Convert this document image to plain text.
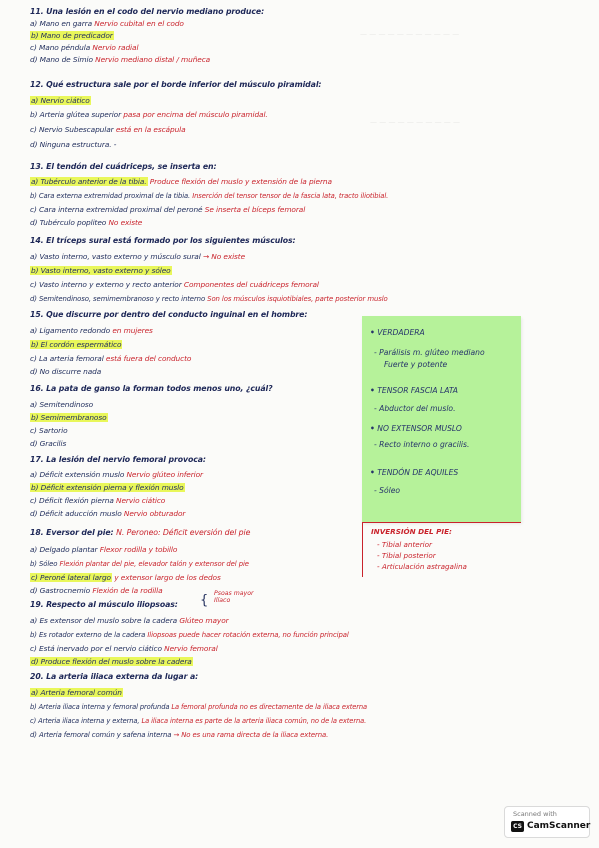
— — — — — — — — — — —
— — — — — — — — — —
11. Una lesión en el codo del nervio mediano produce:
a) Mano en garra Nervio cubital en el codo
b) Mano de predicador
c) Mano péndula Nervio radial
d) Mano de Simio Nervio mediano distal / muñeca
12. Qué estructura sale por el borde inferior del músculo piramidal:
a) Nervio ciático
b) Arteria glútea superior pasa por encima del músculo piramidal.
c) Nervio Subescapular está en la escápula
d) Ninguna estructura. -
13. El tendón del cuádriceps, se inserta en:
a) Tubérculo anterior de la tibia. Produce flexión del muslo y extensión de la pierna
b) Cara externa extremidad proximal de la tibia. Inserción del tensor tensor de la fascia lata, tracto iliotibial.
c) Cara interna extremidad proximal del peroné Se inserta el bíceps femoral
d) Tubérculo popliteo No existe
14. El tríceps sural está formado por los siguientes músculos:
a) Vasto interno, vasto externo y músculo sural → No existe
b) Vasto interno, vasto externo y sóleo
c) Vasto interno y externo y recto anterior Componentes del cuádriceps femoral
d) Semitendinoso, semimembranoso y recto interno Son los músculos isquiotibiales, parte posterior muslo
15. Que discurre por dentro del conducto inguinal en el hombre:
a) Ligamento redondo en mujeres
b) El cordón espermático
c) La arteria femoral está fuera del conducto
d) No discurre nada
16. La pata de ganso la forman todos menos uno, ¿cuál?
a) Semitendinoso
b) Semimembranoso
c) Sartorio
d) Gracilis
17. La lesión del nervio femoral provoca:
a) Déficit extensión muslo Nervio glúteo inferior
b) Déficit extensión pierna y flexión muslo
c) Déficit flexión pierna Nervio ciático
d) Déficit aducción muslo Nervio obturador
18. Eversor del pie: N. Peroneo: Déficit eversión del pie
a) Delgado plantar Flexor rodilla y tobillo
b) Sóleo Flexión plantar del pie, elevador talón y extensor del pie
c) Peroné lateral largo y extensor largo de los dedos
d) Gastrocnemio Flexión de la rodilla
19. Respecto al músculo iliopsoas: { Psoas mayor
Ilíaco
a) Es extensor del muslo sobre la cadera Glúteo mayor
b) Es rotador externo de la cadera Iliopsoas puede hacer rotación externa, no función principal
c) Está inervado por el nervio ciático Nervio femoral
d) Produce flexión del muslo sobre la cadera
20. La arteria iliaca externa da lugar a:
a) Arteria femoral común
b) Arteria iliaca interna y femoral profunda La femoral profunda no es directamente de la iliaca externa
c) Arteria iliaca interna y externa, La iliaca interna es parte de la arteria iliaca común, no de la externa.
d) Arteria femoral común y safena interna → No es una rama directa de la iliaca externa.
• VERDADERA
- Parálisis m. glúteo mediano
Fuerte y potente
• TENSOR FASCIA LATA
- Abductor del muslo.
• NO EXTENSOR MUSLO
- Recto interno o gracilis.
• TENDÓN DE AQUILES
- Sóleo
INVERSIÓN DEL PIE:
- Tibial anterior
- Tibial posterior
- Articulación astragalina
Scanned with
CS CamScanner
